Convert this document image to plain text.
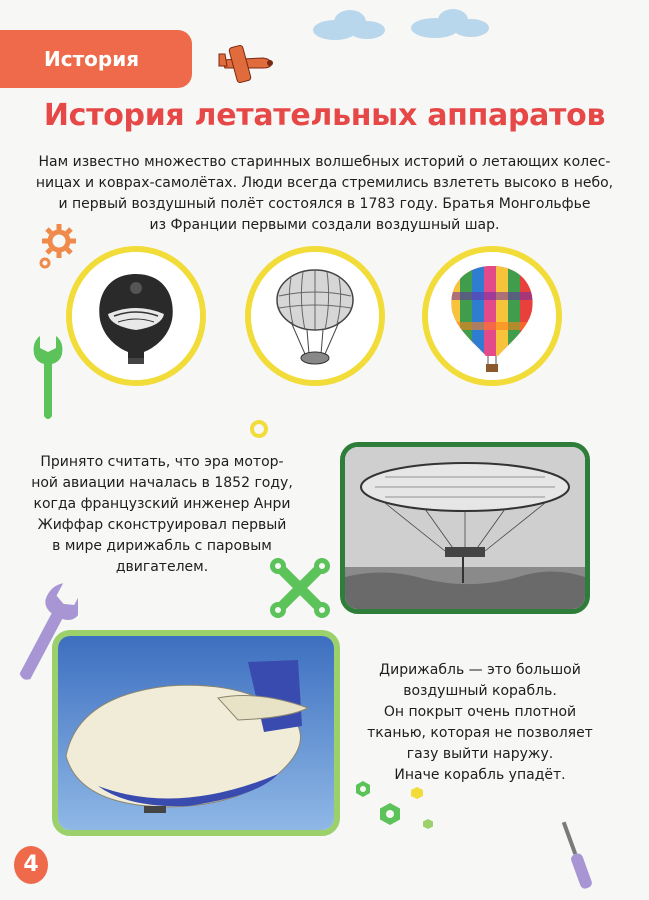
История
История летательных аппаратов
Нам известно множество старинных волшебных историй о летающих колес-
ницах и коврах-самолётах. Люди всегда стремились взлететь высоко в небо,
и первый воздушный полёт состоялся в 1783 году. Братья Монгольфье
из Франции первыми создали воздушный шар.
Принято считать, что эра мотор-
ной авиации началась в 1852 году,
когда французский инженер Анри
Жиффар сконструировал первый
в мире дирижабль с паровым
двигателем.
Дирижабль — это большой
воздушный корабль.
Он покрыт очень плотной
тканью, которая не позволяет
газу выйти наружу.
Иначе корабль упадёт.
4
